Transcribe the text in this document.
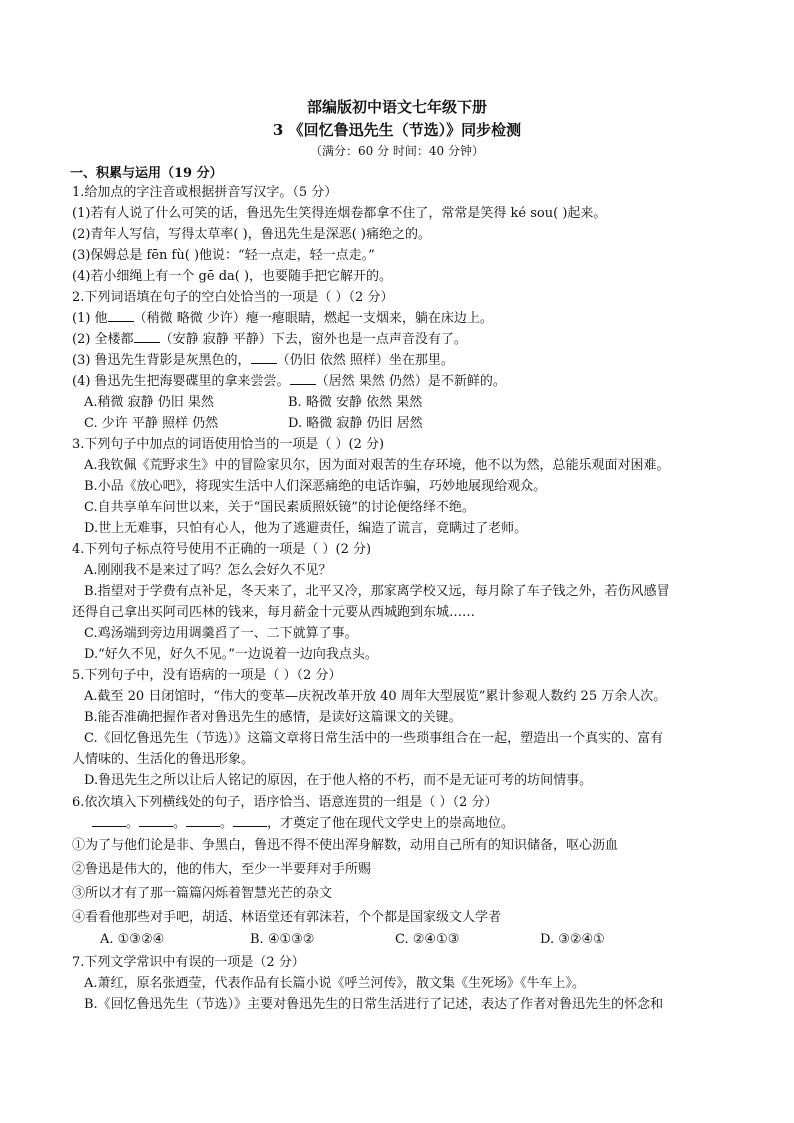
部编版初中语文七年级下册
3 《回忆鲁迅先生（节选）》同步检测
（满分：60 分 时间：40 分钟）
一、积累与运用（19 分）
1.给加点的字注音或根据拼音写汉字。（5 分）
(1)若有人说了什么可笑的话，鲁迅先生笑得连烟卷都拿不住了，常常是笑得 ké sou( )起来。
(2)青年人写信，写得太草率( )，鲁迅先生是深恶( )痛绝之的。
(3)保姆总是 fēn fù( )他说：“轻一点走，轻一点走。”
(4)若小细绳上有一个 gē da( )，也要随手把它解开的。
2.下列词语填在句子的空白处恰当的一项是（ ）（2 分）
(1) 他 （稍微 略微 少许）瘪一瘪眼睛，燃起一支烟来，躺在床边上。
(2) 全楼都 （安静 寂静 平静）下去，窗外也是一点声音没有了。
(3) 鲁迅先生背影是灰黑色的， （仍旧 依然 照样）坐在那里。
(4) 鲁迅先生把海婴碟里的拿来尝尝。 （居然 果然 仍然）是不新鲜的。
A.稍微 寂静 仍旧 果然	B. 略微 安静 依然 果然
C. 少许 平静 照样 仍然	D. 略微 寂静 仍旧 居然
3.下列句子中加点的词语使用恰当的一项是（ ）(2 分)
A.我钦佩《荒野求生》中的冒险家贝尔，因为面对艰苦的生存环境，他不以为然，总能乐观面对困难。
B.小品《放心吧》，将现实生活中人们深恶痛绝的电话诈骗，巧妙地展现给观众。
C.自共享单车问世以来，关于“国民素质照妖镜”的讨论便络绎不绝。
D.世上无难事，只怕有心人，他为了逃避责任，编造了谎言，竟瞒过了老师。
4.下列句子标点符号使用不正确的一项是（ ）(2 分)
A.刚刚我不是来过了吗？怎么会好久不见？
B.指望对于学费有点补足，冬天来了，北平又冷，那家离学校又远，每月除了车子钱之外，若伤风感冒
还得自己拿出买阿司匹林的钱来，每月薪金十元要从西城跑到东城……
C.鸡汤端到旁边用调羹舀了一、二下就算了事。
D.“好久不见，好久不见。”一边说着一边向我点头。
5.下列句子中，没有语病的一项是（ ）（2 分）
A.截至 20 日闭馆时，“伟大的变革—庆祝改革开放 40 周年大型展览”累计参观人数约 25 万余人次。
B.能否准确把握作者对鲁迅先生的感情，是读好这篇课文的关键。
C.《回忆鲁迅先生（节选）》这篇文章将日常生活中的一些琐事组合在一起，塑造出一个真实的、富有
人情味的、生活化的鲁迅形象。
D.鲁迅先生之所以让后人铭记的原因，在于他人格的不朽，而不是无证可考的坊间情事。
6.依次填入下列横线处的句子，语序恰当、语意连贯的一组是（ ）（2 分）
。	。	。	，才奠定了他在现代文学史上的崇高地位。
①为了与他们论是非、争黑白，鲁迅不得不使出浑身解数，动用自己所有的知识储备，呕心沥血
②鲁迅是伟大的，他的伟大，至少一半要拜对手所赐
③所以才有了那一篇篇闪烁着智慧光芒的杂文
④看看他那些对手吧，胡适、林语堂还有郭沫若，个个都是国家级文人学者
A. ①③②④	B. ④①③②	C. ②④①③	D. ③②④①
7.下列文学常识中有误的一项是（2 分）
A.萧红，原名张迺莹，代表作品有长篇小说《呼兰河传》，散文集《生死场》《牛车上》。
B.《回忆鲁迅先生（节选）》主要对鲁迅先生的日常生活进行了记述，表达了作者对鲁迅先生的怀念和
